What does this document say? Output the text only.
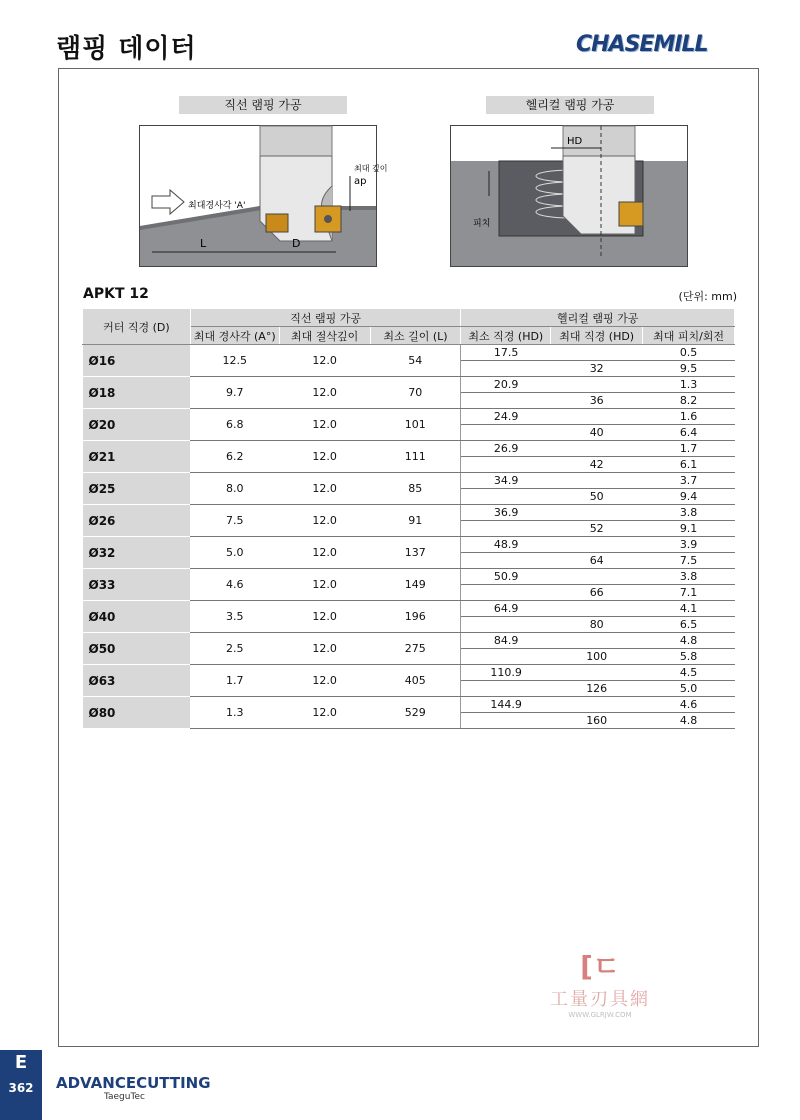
램핑 데이터	CHASEMILL
직선 램핑 가공
최대경사각 'A'
최대 깊이
ap
L	D
헬리컬 램핑 가공
HD
피치
APKT 12	(단위: mm)
커터 직경 (D)	직선 램핑 가공			헬리컬 램핑 가공		
	최대 경사각 (A°)	최대 절삭깊이	최소 길이 (L)	최소 직경 (HD)	최대 직경 (HD)	최대 피치/회전
Ø16	12.5	12.0	54	17.5		0.5
					32	9.5
Ø18	9.7	12.0	70	20.9		1.3
					36	8.2
Ø20	6.8	12.0	101	24.9		1.6
					40	6.4
Ø21	6.2	12.0	111	26.9		1.7
					42	6.1
Ø25	8.0	12.0	85	34.9		3.7
					50	9.4
Ø26	7.5	12.0	91	36.9		3.8
					52	9.1
Ø32	5.0	12.0	137	48.9		3.9
					64	7.5
Ø33	4.6	12.0	149	50.9		3.8
					66	7.1
Ø40	3.5	12.0	196	64.9		4.1
					80	6.5
Ø50	2.5	12.0	275	84.9		4.8
					100	5.8
Ø63	1.7	12.0	405	110.9		4.5
					126	5.0
Ø80	1.3	12.0	529	144.9		4.6
					160	4.8
[ㄷ
工量刃具網
WWW.GLRJW.COM
E
362	ADVANCECUTTING
TaeguTec
